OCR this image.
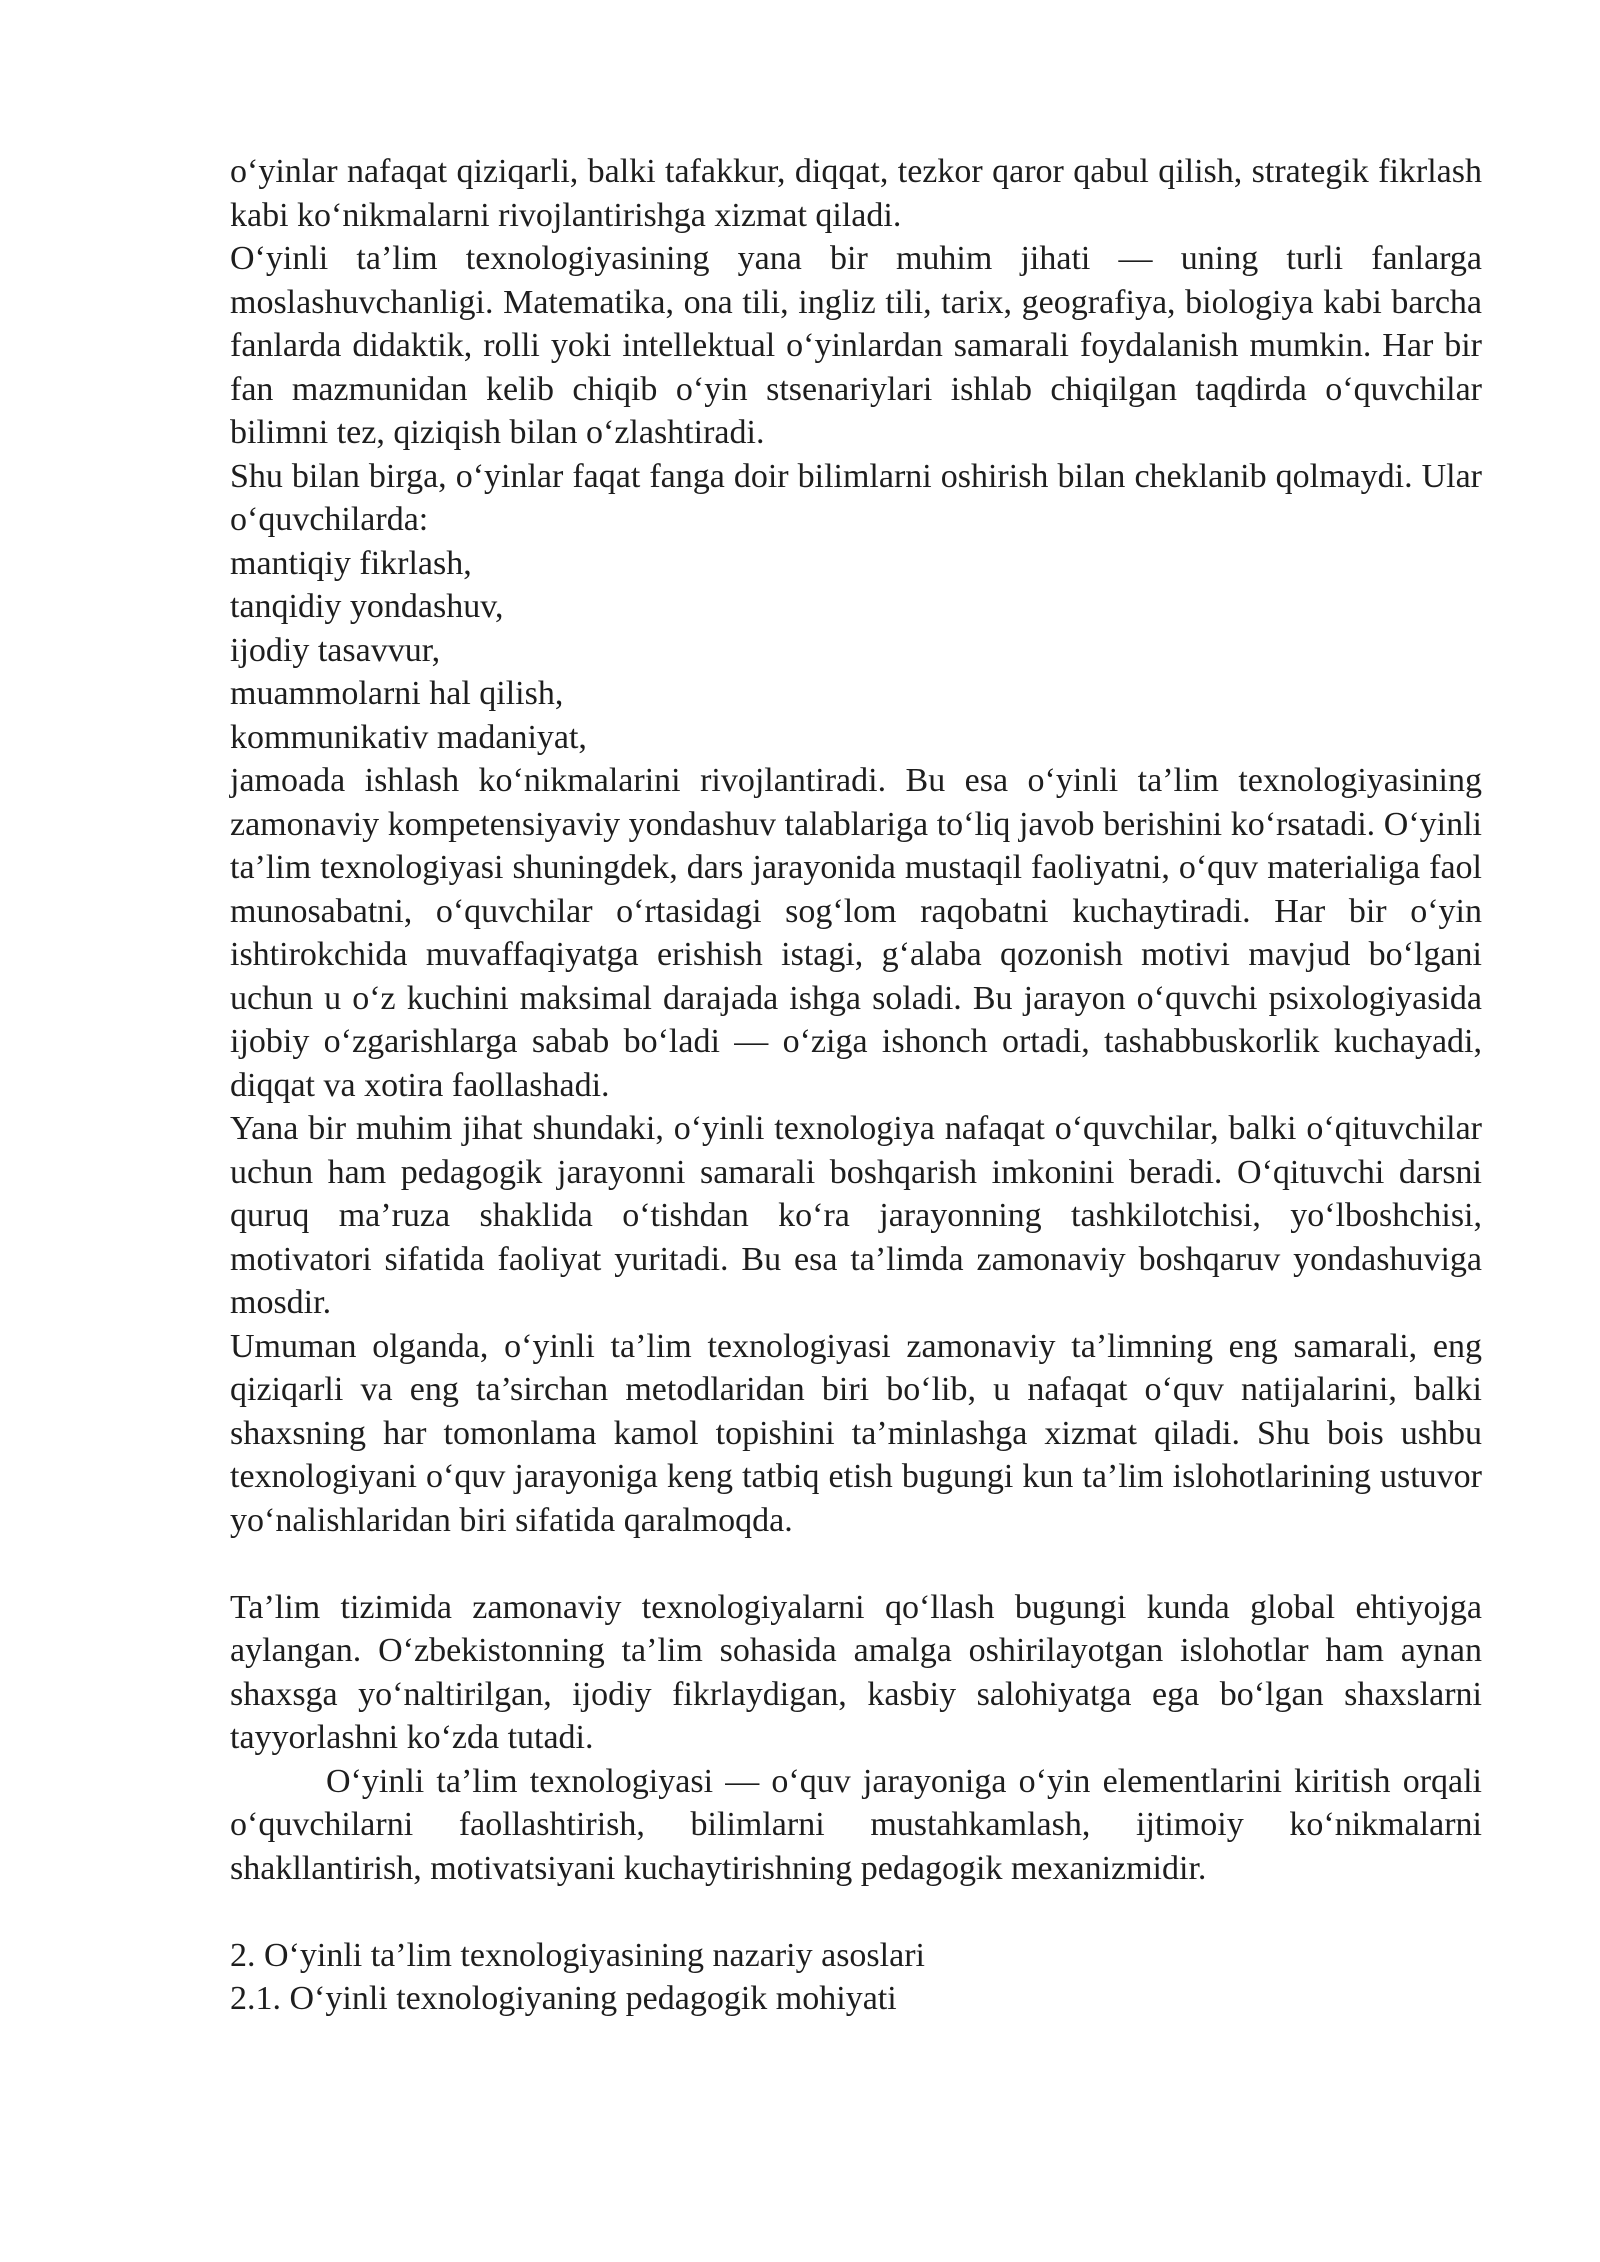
o‘yinlar nafaqat qiziqarli, balki tafakkur, diqqat, tezkor qaror qabul qilish, strategik fikrlash kabi ko‘nikmalarni rivojlantirishga xizmat qiladi.

O‘yinli ta’lim texnologiyasining yana bir muhim jihati — uning turli fanlarga moslashuvchanligi. Matematika, ona tili, ingliz tili, tarix, geografiya, biologiya kabi barcha fanlarda didaktik, rolli yoki intellektual o‘yinlardan samarali foydalanish mumkin. Har bir fan mazmunidan kelib chiqib o‘yin stsenariylari ishlab chiqilgan taqdirda o‘quvchilar bilimni tez, qiziqish bilan o‘zlashtiradi.

Shu bilan birga, o‘yinlar faqat fanga doir bilimlarni oshirish bilan cheklanib qolmaydi. Ular o‘quvchilarda:

mantiqiy fikrlash,

tanqidiy yondashuv,

ijodiy tasavvur,

muammolarni hal qilish,

kommunikativ madaniyat,

jamoada ishlash ko‘nikmalarini rivojlantiradi. Bu esa o‘yinli ta’lim texnologiyasining zamonaviy kompetensiyaviy yondashuv talablariga to‘liq javob berishini ko‘rsatadi. O‘yinli ta’lim texnologiyasi shuningdek, dars jarayonida mustaqil faoliyatni, o‘quv materialiga faol munosabatni, o‘quvchilar o‘rtasidagi sog‘lom raqobatni kuchaytiradi. Har bir o‘yin ishtirokchida muvaffaqiyatga erishish istagi, g‘alaba qozonish motivi mavjud bo‘lgani uchun u o‘z kuchini maksimal darajada ishga soladi. Bu jarayon o‘quvchi psixologiyasida ijobiy o‘zgarishlarga sabab bo‘ladi — o‘ziga ishonch ortadi, tashabbuskorlik kuchayadi, diqqat va xotira faollashadi.

Yana bir muhim jihat shundaki, o‘yinli texnologiya nafaqat o‘quvchilar, balki o‘qituvchilar uchun ham pedagogik jarayonni samarali boshqarish imkonini beradi. O‘qituvchi darsni quruq ma’ruza shaklida o‘tishdan ko‘ra jarayonning tashkilotchisi, yo‘lboshchisi, motivatori sifatida faoliyat yuritadi. Bu esa ta’limda zamonaviy boshqaruv yondashuviga mosdir.

Umuman olganda, o‘yinli ta’lim texnologiyasi zamonaviy ta’limning eng samarali, eng qiziqarli va eng ta’sirchan metodlaridan biri bo‘lib, u nafaqat o‘quv natijalarini, balki shaxsning har tomonlama kamol topishini ta’minlashga xizmat qiladi. Shu bois ushbu texnologiyani o‘quv jarayoniga keng tatbiq etish bugungi kun ta’lim islohotlarining ustuvor yo‘nalishlaridan biri sifatida qaralmoqda.

Ta’lim tizimida zamonaviy texnologiyalarni qo‘llash bugungi kunda global ehtiyojga aylangan. O‘zbekistonning ta’lim sohasida amalga oshirilayotgan islohotlar ham aynan shaxsga yo‘naltirilgan, ijodiy fikrlaydigan, kasbiy salohiyatga ega bo‘lgan shaxslarni tayyorlashni ko‘zda tutadi.

O‘yinli ta’lim texnologiyasi — o‘quv jarayoniga o‘yin elementlarini kiritish orqali o‘quvchilarni faollashtirish, bilimlarni mustahkamlash, ijtimoiy ko‘nikmalarni shakllantirish, motivatsiyani kuchaytirishning pedagogik mexanizmidir.

2. O‘yinli ta’lim texnologiyasining nazariy asoslari

2.1. O‘yinli texnologiyaning pedagogik mohiyati
